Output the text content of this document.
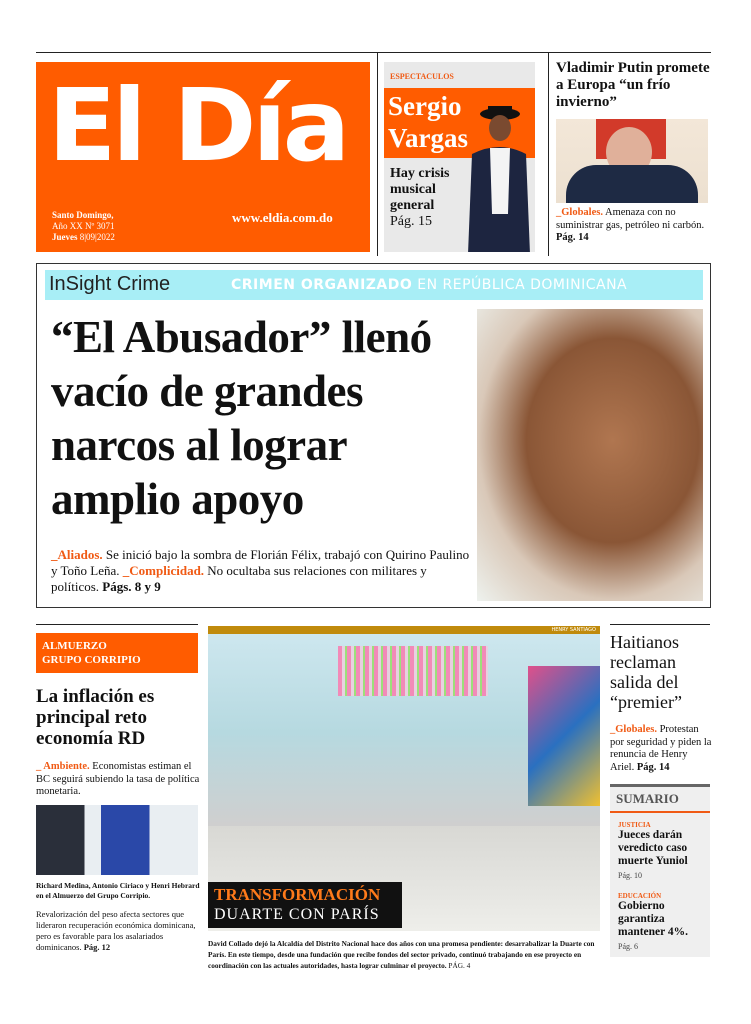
El Día
Santo Domingo,
Año XX Nº 3071
Jueves 8|09|2022
www.eldia.com.do
ESPECTACULOS
Sergio
Vargas
Hay crisis musical general
Pág. 15
Vladimir Putin promete a Europa “un frío invierno”

_Globales. Amenaza con no suministrar gas, petróleo ni carbón. Pág. 14

InSight Crime	CRIMEN ORGANIZADO EN REPÚBLICA DOMINICANA
“El Abusador” llenó vacío de grandes narcos al lograr amplio apoyo

_Aliados. Se inició bajo la sombra de Florián Félix, trabajó con Quirino Paulino y Toño Leña. _Complicidad. No ocultaba sus relaciones con militares y políticos. Págs. 8 y 9

ALMUERZO
GRUPO CORRIPIO
La inflación es principal reto economía RD

_ Ambiente. Economistas estiman el BC seguirá subiendo la tasa de política monetaria.

Richard Medina, Antonio Ciriaco y Henri Hebrard en el Almuerzo del Grupo Corripio.

Revalorización del peso afecta sectores que lideraron recuperación económica dominicana, pero es favorable para los asalariados dominicanos. Pág. 12

HENRY SANTIAGO
TRANSFORMACIÓN
DUARTE CON PARÍS

David Collado dejó la Alcaldía del Distrito Nacional hace dos años con una promesa pendiente: desarrabalizar la Duarte con París. En este tiempo, desde una fundación que recibe fondos del sector privado, continuó trabajando en ese proyecto en coordinación con las actuales autoridades, hasta lograr culminar el proyecto. PÁG. 4

Haitianos reclaman salida del “premier”

_Globales. Protestan por seguridad y piden la renuncia de Henry Ariel. Pág. 14

SUMARIO
JUSTICIA
Jueces darán veredicto caso muerte Yuniol
Pág. 10
EDUCACIÓN
Gobierno garantiza mantener 4%.
Pág. 6
